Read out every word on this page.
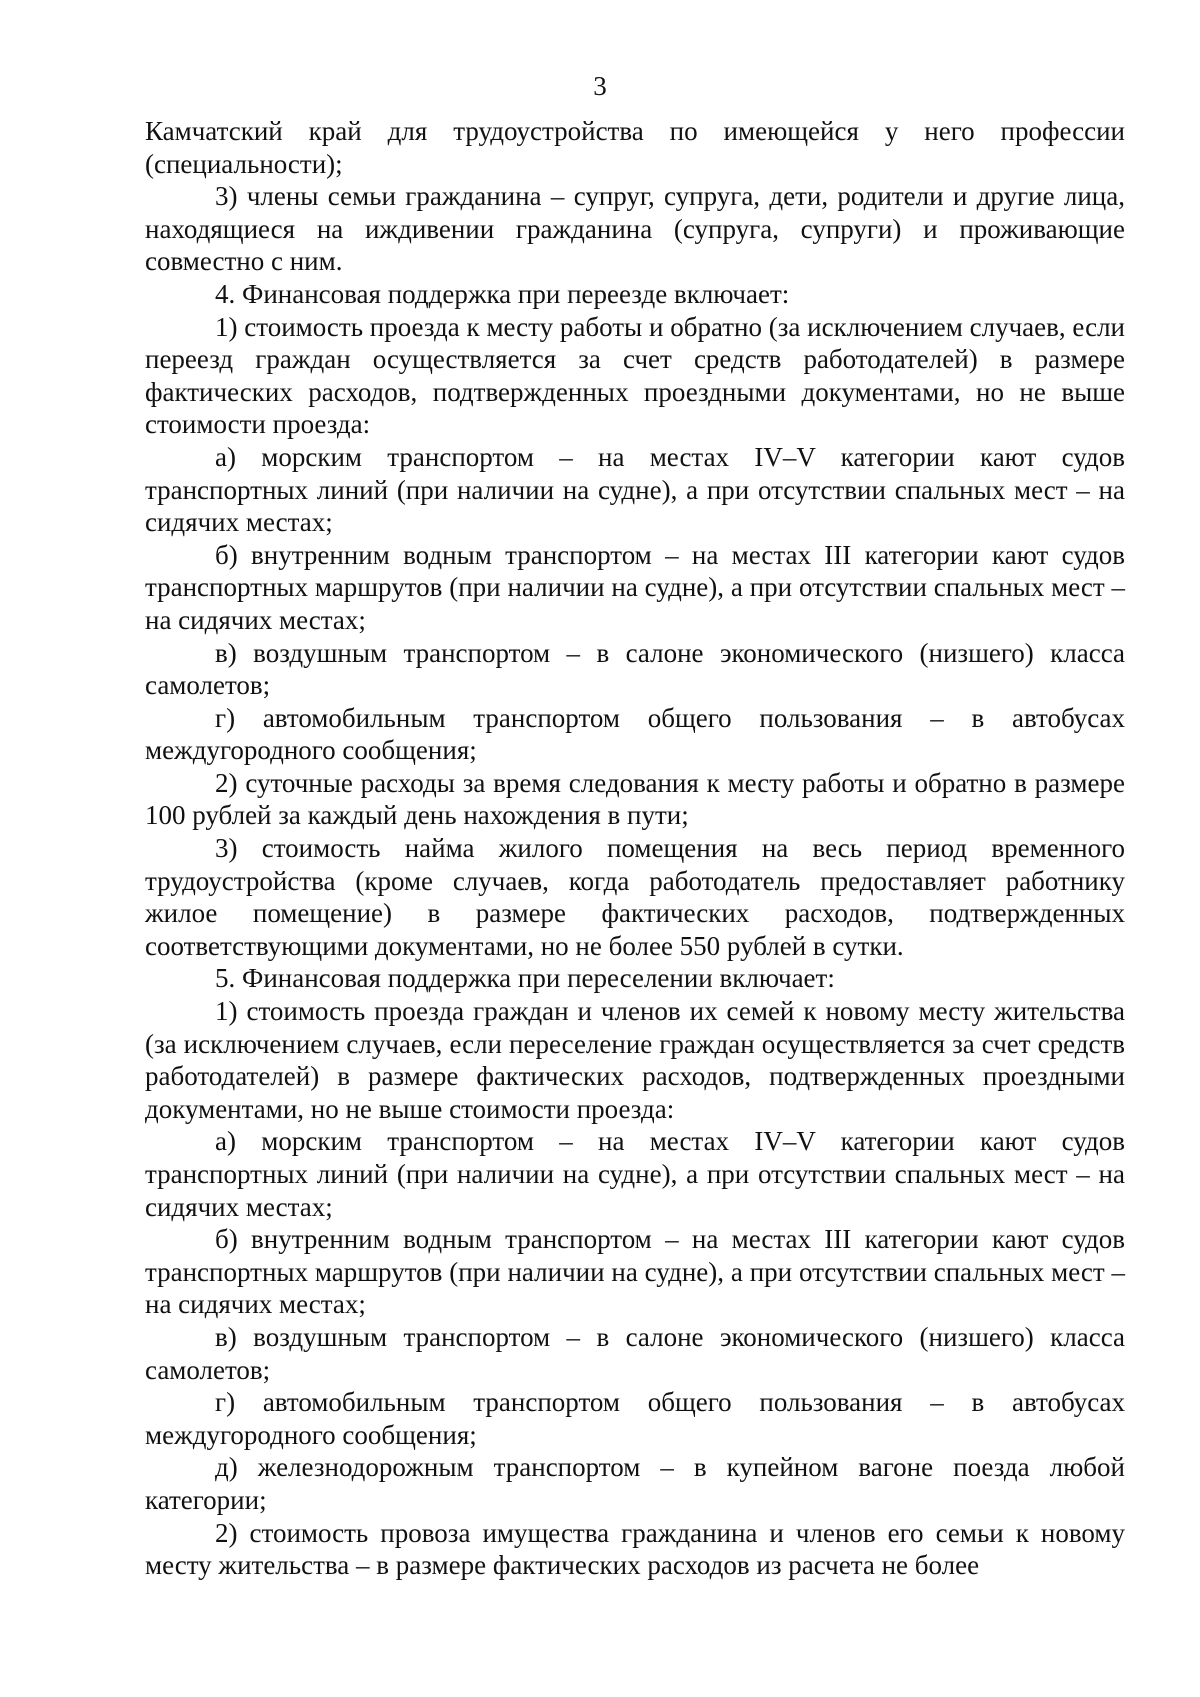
3

Камчатский край для трудоустройства по имеющейся у него профессии (специальности);

3) члены семьи гражданина – супруг, супруга, дети, родители и другие лица, находящиеся на иждивении гражданина (супруга, супруги) и проживающие совместно с ним.

4. Финансовая поддержка при переезде включает:

1) стоимость проезда к месту работы и обратно (за исключением случаев, если переезд граждан осуществляется за счет средств работодателей) в размере фактических расходов, подтвержденных проездными документами, но не выше стоимости проезда:

а) морским транспортом – на местах IV–V категории кают судов транспортных линий (при наличии на судне), а при отсутствии спальных мест – на сидячих местах;

б) внутренним водным транспортом – на местах III категории кают судов транспортных маршрутов (при наличии на судне), а при отсутствии спальных мест – на сидячих местах;

в) воздушным транспортом – в салоне экономического (низшего) класса самолетов;

г) автомобильным транспортом общего пользования – в автобусах междугородного сообщения;

2) суточные расходы за время следования к месту работы и обратно в размере 100 рублей за каждый день нахождения в пути;

3) стоимость найма жилого помещения на весь период временного трудоустройства (кроме случаев, когда работодатель предоставляет работнику жилое помещение) в размере фактических расходов, подтвержденных соответствующими документами, но не более 550 рублей в сутки.

5. Финансовая поддержка при переселении включает:

1) стоимость проезда граждан и членов их семей к новому месту жительства (за исключением случаев, если переселение граждан осуществляется за счет средств работодателей) в размере фактических расходов, подтвержденных проездными документами, но не выше стоимости проезда:

а) морским транспортом – на местах IV–V категории кают судов транспортных линий (при наличии на судне), а при отсутствии спальных мест – на сидячих местах;

б) внутренним водным транспортом – на местах III категории кают судов транспортных маршрутов (при наличии на судне), а при отсутствии спальных мест – на сидячих местах;

в) воздушным транспортом – в салоне экономического (низшего) класса самолетов;

г) автомобильным транспортом общего пользования – в автобусах междугородного сообщения;

д) железнодорожным транспортом – в купейном вагоне поезда любой категории;

2) стоимость провоза имущества гражданина и членов его семьи к новому месту жительства – в размере фактических расходов из расчета не более
